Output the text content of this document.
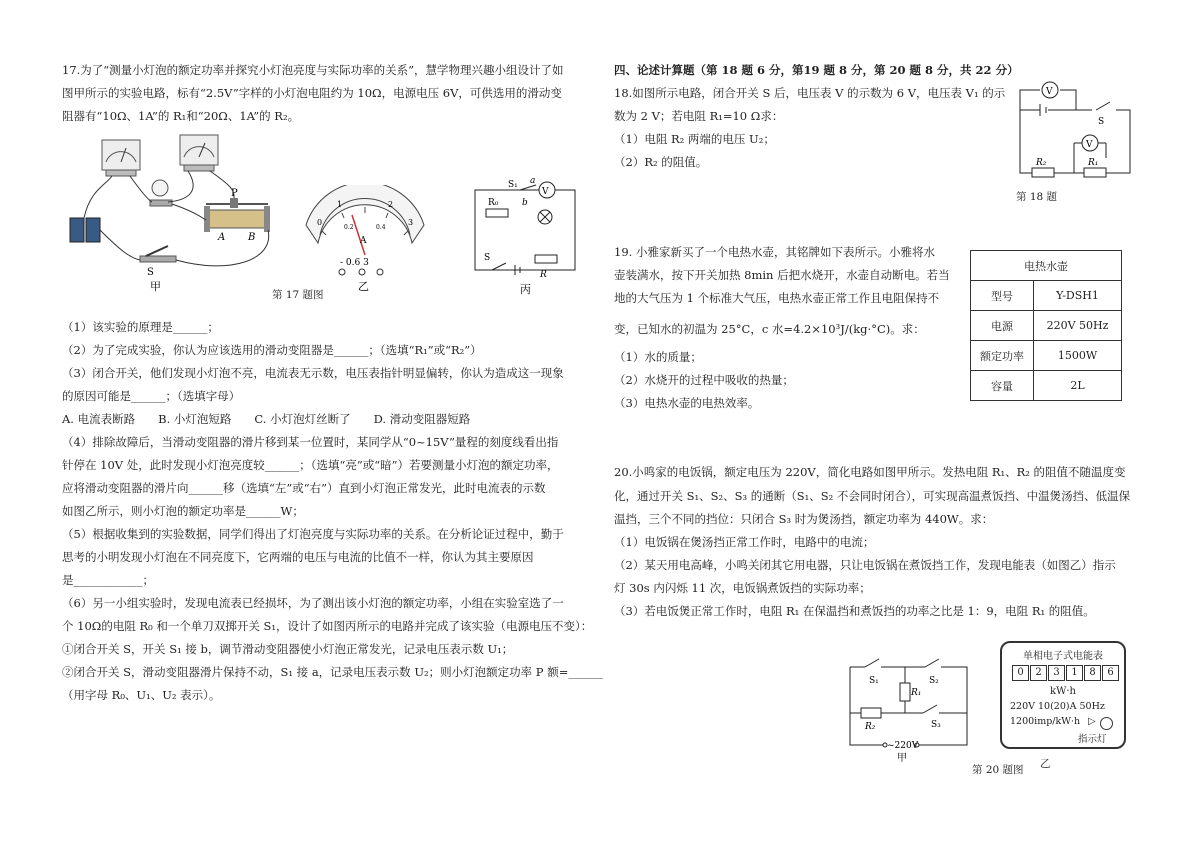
17.为了“测量小灯泡的额定功率并探究小灯泡亮度与实际功率的关系”，慧学物理兴趣小组设计了如
图甲所示的实验电路，标有“2.5V”字样的小灯泡电阻约为 10Ω，电源电压 6V，可供选用的滑动变
阻器有“10Ω、1A”的 R₁和“20Ω、1A”的 R₂。
P
A B
S
甲
0
1	2
3
0.2	0.4
A
- 0.6 3
乙
V
S₁ a
b
R₀
S
R
丙
第 17 题图
（1）该实验的原理是______；
（2）为了完成实验，你认为应该选用的滑动变阻器是______；（选填“R₁”或“R₂”）
（3）闭合开关，他们发现小灯泡不亮，电流表无示数，电压表指针明显偏转，你认为造成这一现象
的原因可能是______；（选填字母）
A. 电流表断路　　B. 小灯泡短路　　C. 小灯泡灯丝断了　　D. 滑动变阻器短路
（4）排除故障后，当滑动变阻器的滑片移到某一位置时，某同学从“0~15V”量程的刻度线看出指
针停在 10V 处，此时发现小灯泡亮度较______；（选填“亮”或“暗”）若要测量小灯泡的额定功率，
应将滑动变阻器的滑片向______移（选填“左”或“右”）直到小灯泡正常发光，此时电流表的示数
如图乙所示，则小灯泡的额定功率是______W；
（5）根据收集到的实验数据，同学们得出了灯泡亮度与实际功率的关系。在分析论证过程中，勤于
思考的小明发现小灯泡在不同亮度下，它两端的电压与电流的比值不一样，你认为其主要原因
是____________；
（6）另一小组实验时，发现电流表已经损坏，为了测出该小灯泡的额定功率，小组在实验室选了一
个 10Ω的电阻 R₀ 和一个单刀双掷开关 S₁，设计了如图丙所示的电路并完成了该实验（电源电压不变）：
①闭合开关 S，开关 S₁ 接 b，调节滑动变阻器使小灯泡正常发光，记录电压表示数 U₁；
②闭合开关 S，滑动变阻器滑片保持不动，S₁ 接 a，记录电压表示数 U₂；则小灯泡额定功率 P 额=______
（用字母 R₀、U₁、U₂ 表示）。
四、论述计算题（第 18 题 6 分，第19 题 8 分，第 20 题 8 分，共 22 分）
18.如图所示电路，闭合开关 S 后，电压表 V 的示数为 6 V，电压表 V₁ 的示
数为 2 V；若电阻 R₁=10 Ω求：
（1）电阻 R₂ 两端的电压 U₂；
（2）R₂ 的阻值。
V
V
S
R₂	R₁
第 18 题
19. 小雅家新买了一个电热水壶，其铭牌如下表所示。小雅将水
壶装满水，按下开关加热 8min 后把水烧开，水壶自动断电。若当
地的大气压为 1 个标准大气压，电热水壶正常工作且电阻保持不
变，已知水的初温为 25°C，c 水=4.2×10³J/(kg·°C)。求：
（1）水的质量；
（2）水烧开的过程中吸收的热量；
（3）电热水壶的电热效率。
电热水壶	
型号	Y-DSH1
电源	220V 50Hz
额定功率	1500W
容量	2L
20.小鸣家的电饭锅，额定电压为 220V，简化电路如图甲所示。发热电阻 R₁、R₂ 的阻值不随温度变
化，通过开关 S₁、S₂、S₃ 的通断（S₁、S₂ 不会同时闭合），可实现高温煮饭挡、中温煲汤挡、低温保
温挡，三个不同的挡位：只闭合 S₃ 时为煲汤挡，额定功率为 440W。求：
（1）电饭锅在煲汤挡正常工作时，电路中的电流；
（2）某天用电高峰，小鸣关闭其它用电器，只让电饭锅在煮饭挡工作，发现电能表（如图乙）指示
灯 30s 内闪烁 11 次，电饭锅煮饭挡的实际功率；
（3）若电饭煲正常工作时，电阻 R₁ 在保温挡和煮饭挡的功率之比是 1：9，电阻 R₁ 的阻值。
S₁	S₂
S₃
R₁
R₂
~220V
甲
单相电子式电能表
0	2	3	1	8	6
kW·h
220V 10(20)A 50Hz
1200imp/kW·h ▷
指示灯
乙
第 20 题图
